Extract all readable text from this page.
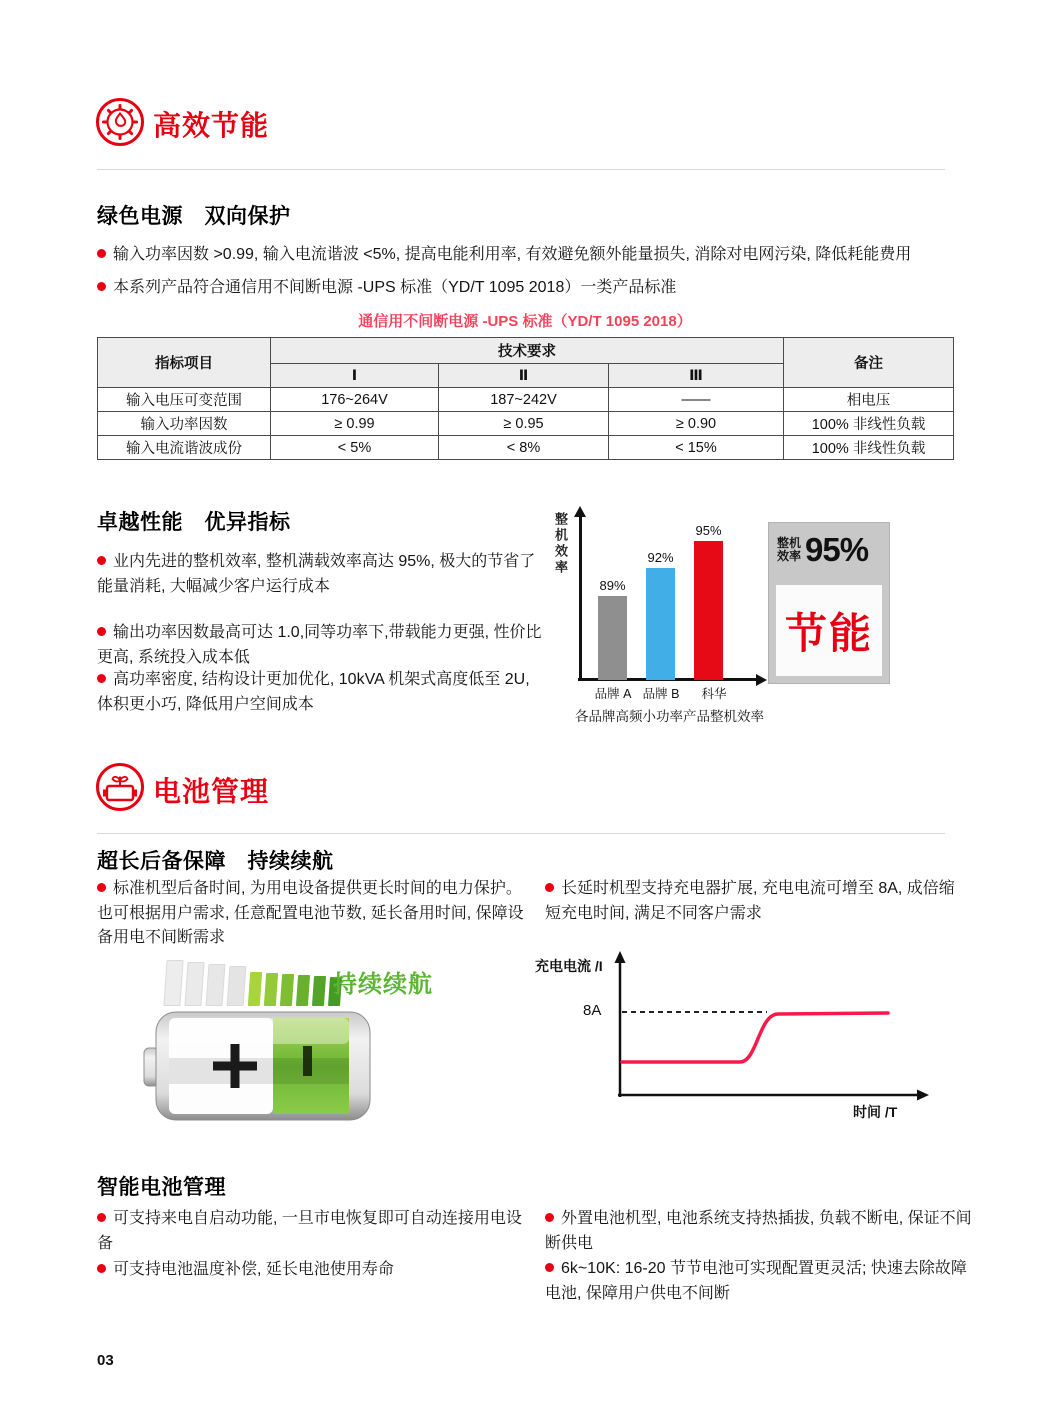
高效节能
绿色电源　双向保护
输入功率因数 >0.99, 输入电流谐波 <5%, 提高电能利用率, 有效避免额外能量损失, 消除对电网污染, 降低耗能费用
本系列产品符合通信用不间断电源 -UPS 标准（YD/T 1095 2018）一类产品标准
通信用不间断电源 -UPS 标准（YD/T 1095 2018）
指标项目	技术要求			备注
	Ⅰ	Ⅱ	Ⅲ	
输入电压可变范围	176~264V	187~242V	——	相电压
输入功率因数	≥ 0.99	≥ 0.95	≥ 0.90	100% 非线性负载
输入电流谐波成份	< 5%	< 8%	< 15%	100% 非线性负载
卓越性能　优异指标
业内先进的整机效率, 整机满载效率高达 95%, 极大的节省了能量消耗, 大幅减少客户运行成本
输出功率因数最高可达 1.0,同等功率下,带载能力更强, 性价比更高, 系统投入成本低
高功率密度, 结构设计更加优化, 10kVA 机架式高度低至 2U, 体积更小巧, 降低用户空间成本
整机效率
89%
92%
95%
品牌 A 品牌 B	科华
各品牌高频小功率产品整机效率
整机
效率 95%
节能
电池管理
超长后备保障　持续续航
标准机型后备时间, 为用电设备提供更长时间的电力保护。也可根据用户需求, 任意配置电池节数, 延长备用时间, 保障设备用电不间断需求
长延时机型支持充电器扩展, 充电电流可增至 8A, 成倍缩短充电时间, 满足不同客户需求
持续续航
充电电流 /I
8A
时间 /T
智能电池管理
可支持来电自启动功能, 一旦市电恢复即可自动连接用电设备
可支持电池温度补偿, 延长电池使用寿命
外置电池机型, 电池系统支持热插拔, 负载不断电, 保证不间断供电
6k~10K: 16-20 节节电池可实现配置更灵活; 快速去除故障电池, 保障用户供电不间断
03
